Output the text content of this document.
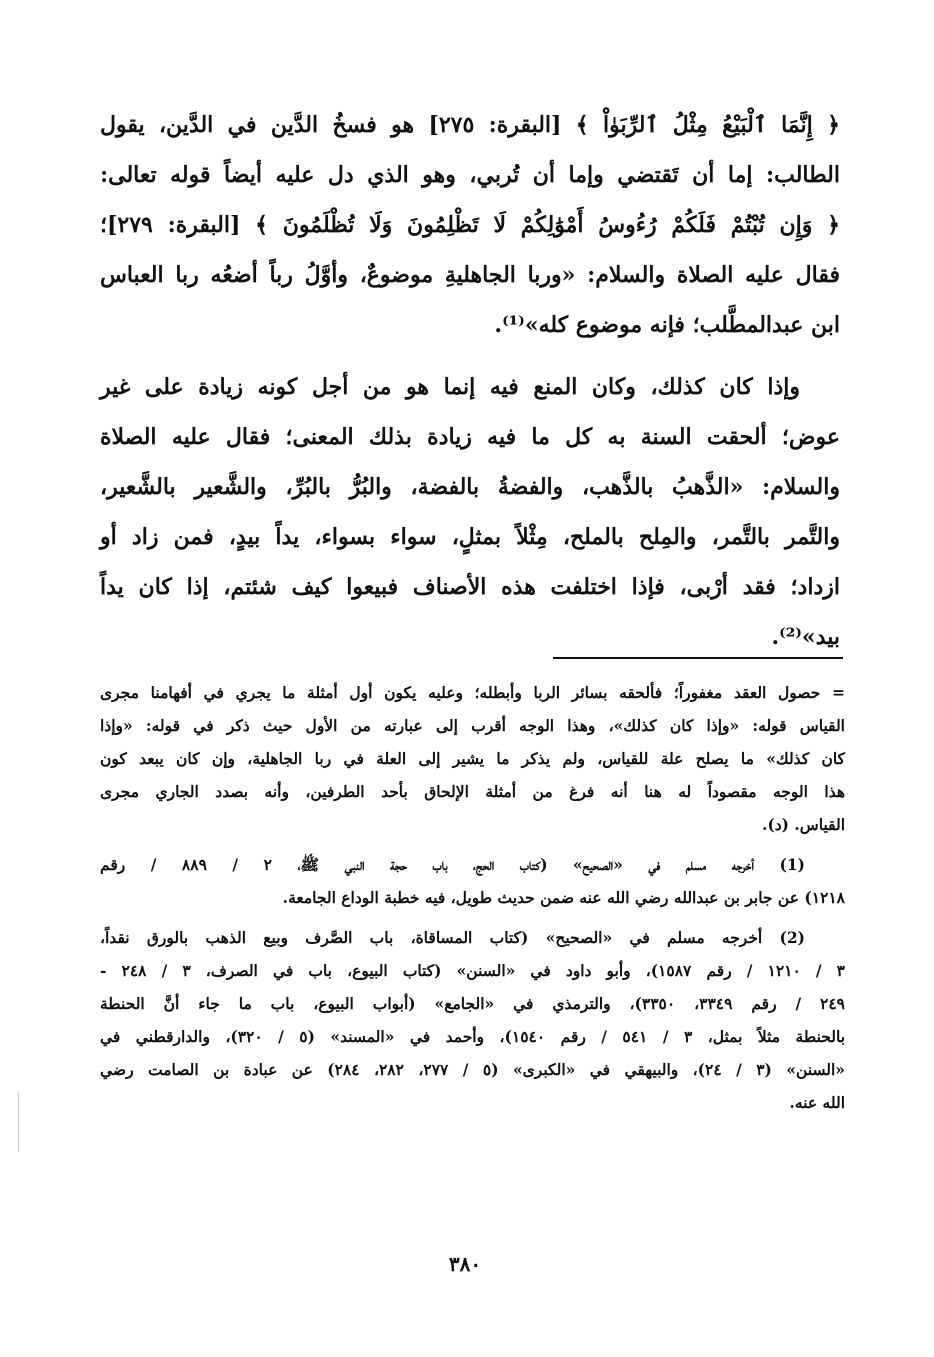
﴿ إِنَّمَا ٱلْبَيْعُ مِثْلُ ٱلرِّبَوٰاْ ﴾ [البقرة: ٢٧٥] هو فسخُ الدَّين في الدَّين، يقول
الطالب: إما أن تَقتضي وإما أن تُربي، وهو الذي دل عليه أيضاً قوله تعالى:
﴿ وَإِن تُبْتُمْ فَلَكُمْ رُءُوسُ أَمْوَٰلِكُمْ لَا تَظْلِمُونَ وَلَا تُظْلَمُونَ ﴾ [البقرة: ٢٧٩]؛
فقال عليه الصلاة والسلام: «وربا الجاهليةِ موضوعٌ، وأوَّلُ رباً أضعُه ربا العباس
ابن عبدالمطَّلب؛ فإنه موضوع كله»⁽¹⁾.

وإذا كان كذلك، وكان المنع فيه إنما هو من أجل كونه زيادة على غير
عوض؛ ألحقت السنة به كل ما فيه زيادة بذلك المعنى؛ فقال عليه الصلاة
والسلام: «الذَّهبُ بالذَّهب، والفضةُ بالفضة، والبُرُّ بالبُرِّ، والشَّعير بالشَّعير،
والتَّمر بالتَّمر، والمِلح بالملح، مِثْلاً بمثلٍ، سواء بسواء، يداً بيدٍ، فمن زاد أو
ازداد؛ فقد أرْبى، فإذا اختلفت هذه الأصناف فبيعوا كيف شئتم، إذا كان يداً
بيد»⁽²⁾.

= حصول العقد مغفوراً؛ فألحقه بسائر الربا وأبطله؛ وعليه يكون أول أمثلة ما يجري في أفهامنا مجرى
القياس قوله: «وإذا كان كذلك»، وهذا الوجه أقرب إلى عبارته من الأول حيث ذكر في قوله: «وإذا
كان كذلك» ما يصلح علة للقياس، ولم يذكر ما يشير إلى العلة في ربا الجاهلية، وإن كان يبعد كون
هذا الوجه مقصوداً له هنا أنه فرغ من أمثلة الإلحاق بأحد الطرفين، وأنه بصدد الجاري مجرى
القياس. (د).
(1) أخرجه مسلم في «الصحيح» (كتاب الحج، باب حجة النبي ﷺ، ٢ / ٨٨٩ / رقم
١٢١٨) عن جابر بن عبدالله رضي الله عنه ضمن حديث طويل، فيه خطبة الوداع الجامعة.
(2) أخرجه مسلم في «الصحيح» (كتاب المساقاة، باب الصَّرف وبيع الذهب بالورق نقداً،
٣ / ١٢١٠ / رقم ١٥٨٧)، وأبو داود في «السنن» (كتاب البيوع، باب في الصرف، ٣ / ٢٤٨ -
٢٤٩ / رقم ٣٣٤٩، ٣٣٥٠)، والترمذي في «الجامع» (أبواب البيوع، باب ما جاء أنَّ الحنطة
بالحنطة مثلاً بمثل، ٣ / ٥٤١ / رقم ١٥٤٠)، وأحمد في «المسند» (٥ / ٣٢٠)، والدارقطني في
«السنن» (٣ / ٢٤)، والبيهقي في «الكبرى» (٥ / ٢٧٧، ٢٨٢، ٢٨٤) عن عبادة بن الصامت رضي
الله عنه.
٣٨٠
